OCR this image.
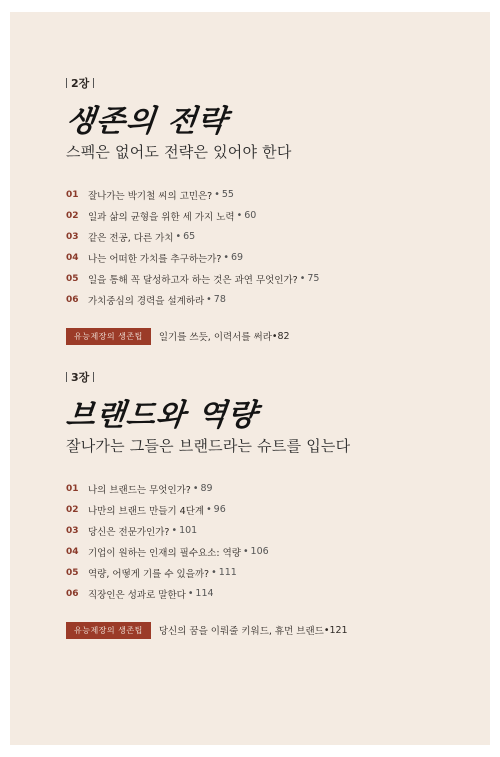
2장
생존의 전략
스펙은 없어도 전략은 있어야 한다
01 잘나가는 박기철 씨의 고민은? • 55
02 일과 삶의 균형을 위한 세 가지 노력 • 60
03 같은 전공, 다른 가치 • 65
04 나는 어떠한 가치를 추구하는가? • 69
05 일을 통해 꼭 달성하고자 하는 것은 과연 무엇인가? • 75
06 가치중심의 경력을 설계하라 • 78
유능제장의 생존팁	일기를 쓰듯, 이력서를 써라 • 82
3장
브랜드와 역량
잘나가는 그들은 브랜드라는 슈트를 입는다
01 나의 브랜드는 무엇인가? • 89
02 나만의 브랜드 만들기 4단계 • 96
03 당신은 전문가인가? • 101
04 기업이 원하는 인재의 필수요소: 역량 • 106
05 역량, 어떻게 기를 수 있을까? • 111
06 직장인은 성과로 말한다 • 114
유능제장의 생존팁	당신의 꿈을 이뤄줄 키워드, 휴먼 브랜드 • 121
